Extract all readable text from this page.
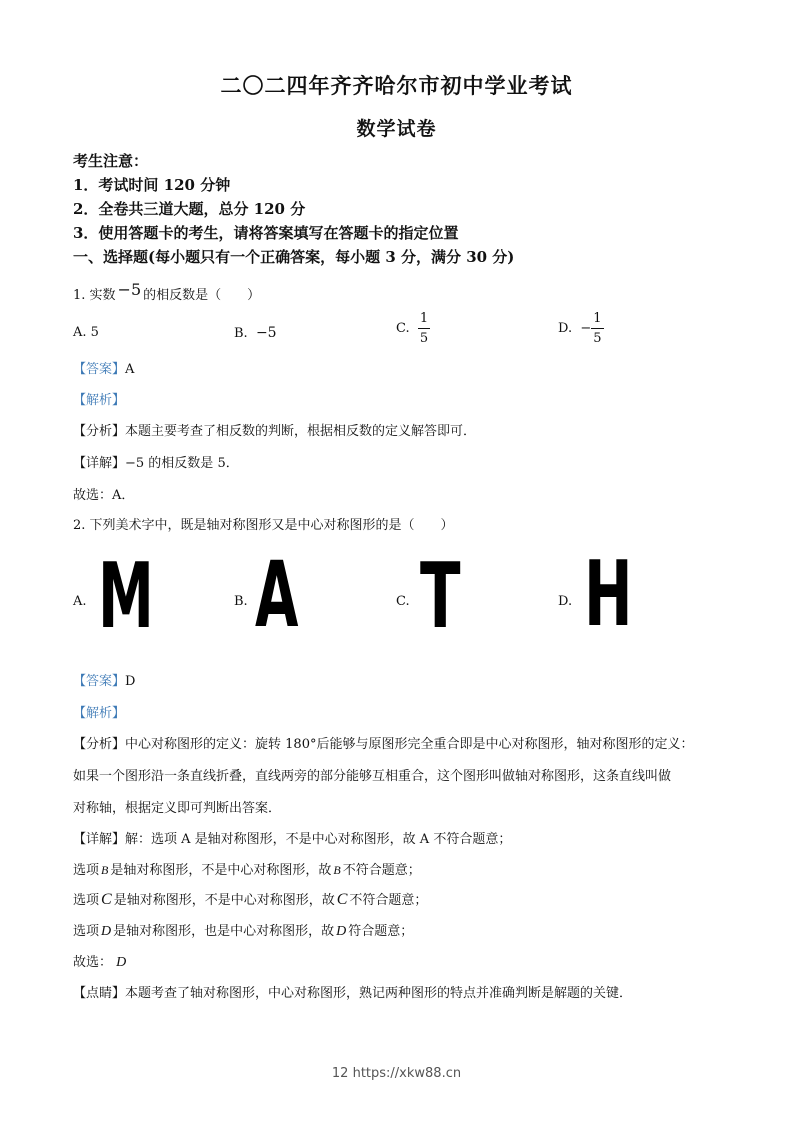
二〇二四年齐齐哈尔市初中学业考试
数学试卷
考生注意：
1．考试时间 120 分钟
2．全卷共三道大题，总分 120 分
3．使用答题卡的考生，请将答案填写在答题卡的指定位置
一、选择题(每小题只有一个正确答案，每小题 3 分，满分 30 分)
1. 实数 −5 的相反数是（　　）
A. 5	B. −5	C. $\frac{1}{5}$	D. − $\frac{1}{5}$
【答案】A
【解析】
【分析】本题主要考查了相反数的判断，根据相反数的定义解答即可．
【详解】−5 的相反数是 5．
故选：A．
2. 下列美术字中，既是轴对称图形又是中心对称图形的是（　　）
A. M	B. A	C. T	D. H
【答案】D
【解析】
【分析】中心对称图形的定义：旋转 180°后能够与原图形完全重合即是中心对称图形，轴对称图形的定义：
如果一个图形沿一条直线折叠，直线两旁的部分能够互相重合，这个图形叫做轴对称图形，这条直线叫做
对称轴，根据定义即可判断出答案．
【详解】解：选项 A 是轴对称图形，不是中心对称图形，故 A 不符合题意；
选项 B 是轴对称图形，不是中心对称图形，故 B 不符合题意；
选项 C 是轴对称图形，不是中心对称图形，故 C 不符合题意；
选项 D 是轴对称图形，也是中心对称图形，故 D 符合题意；
故选： D
【点睛】本题考查了轴对称图形，中心对称图形，熟记两种图形的特点并准确判断是解题的关键．
12 https://xkw88.cn
